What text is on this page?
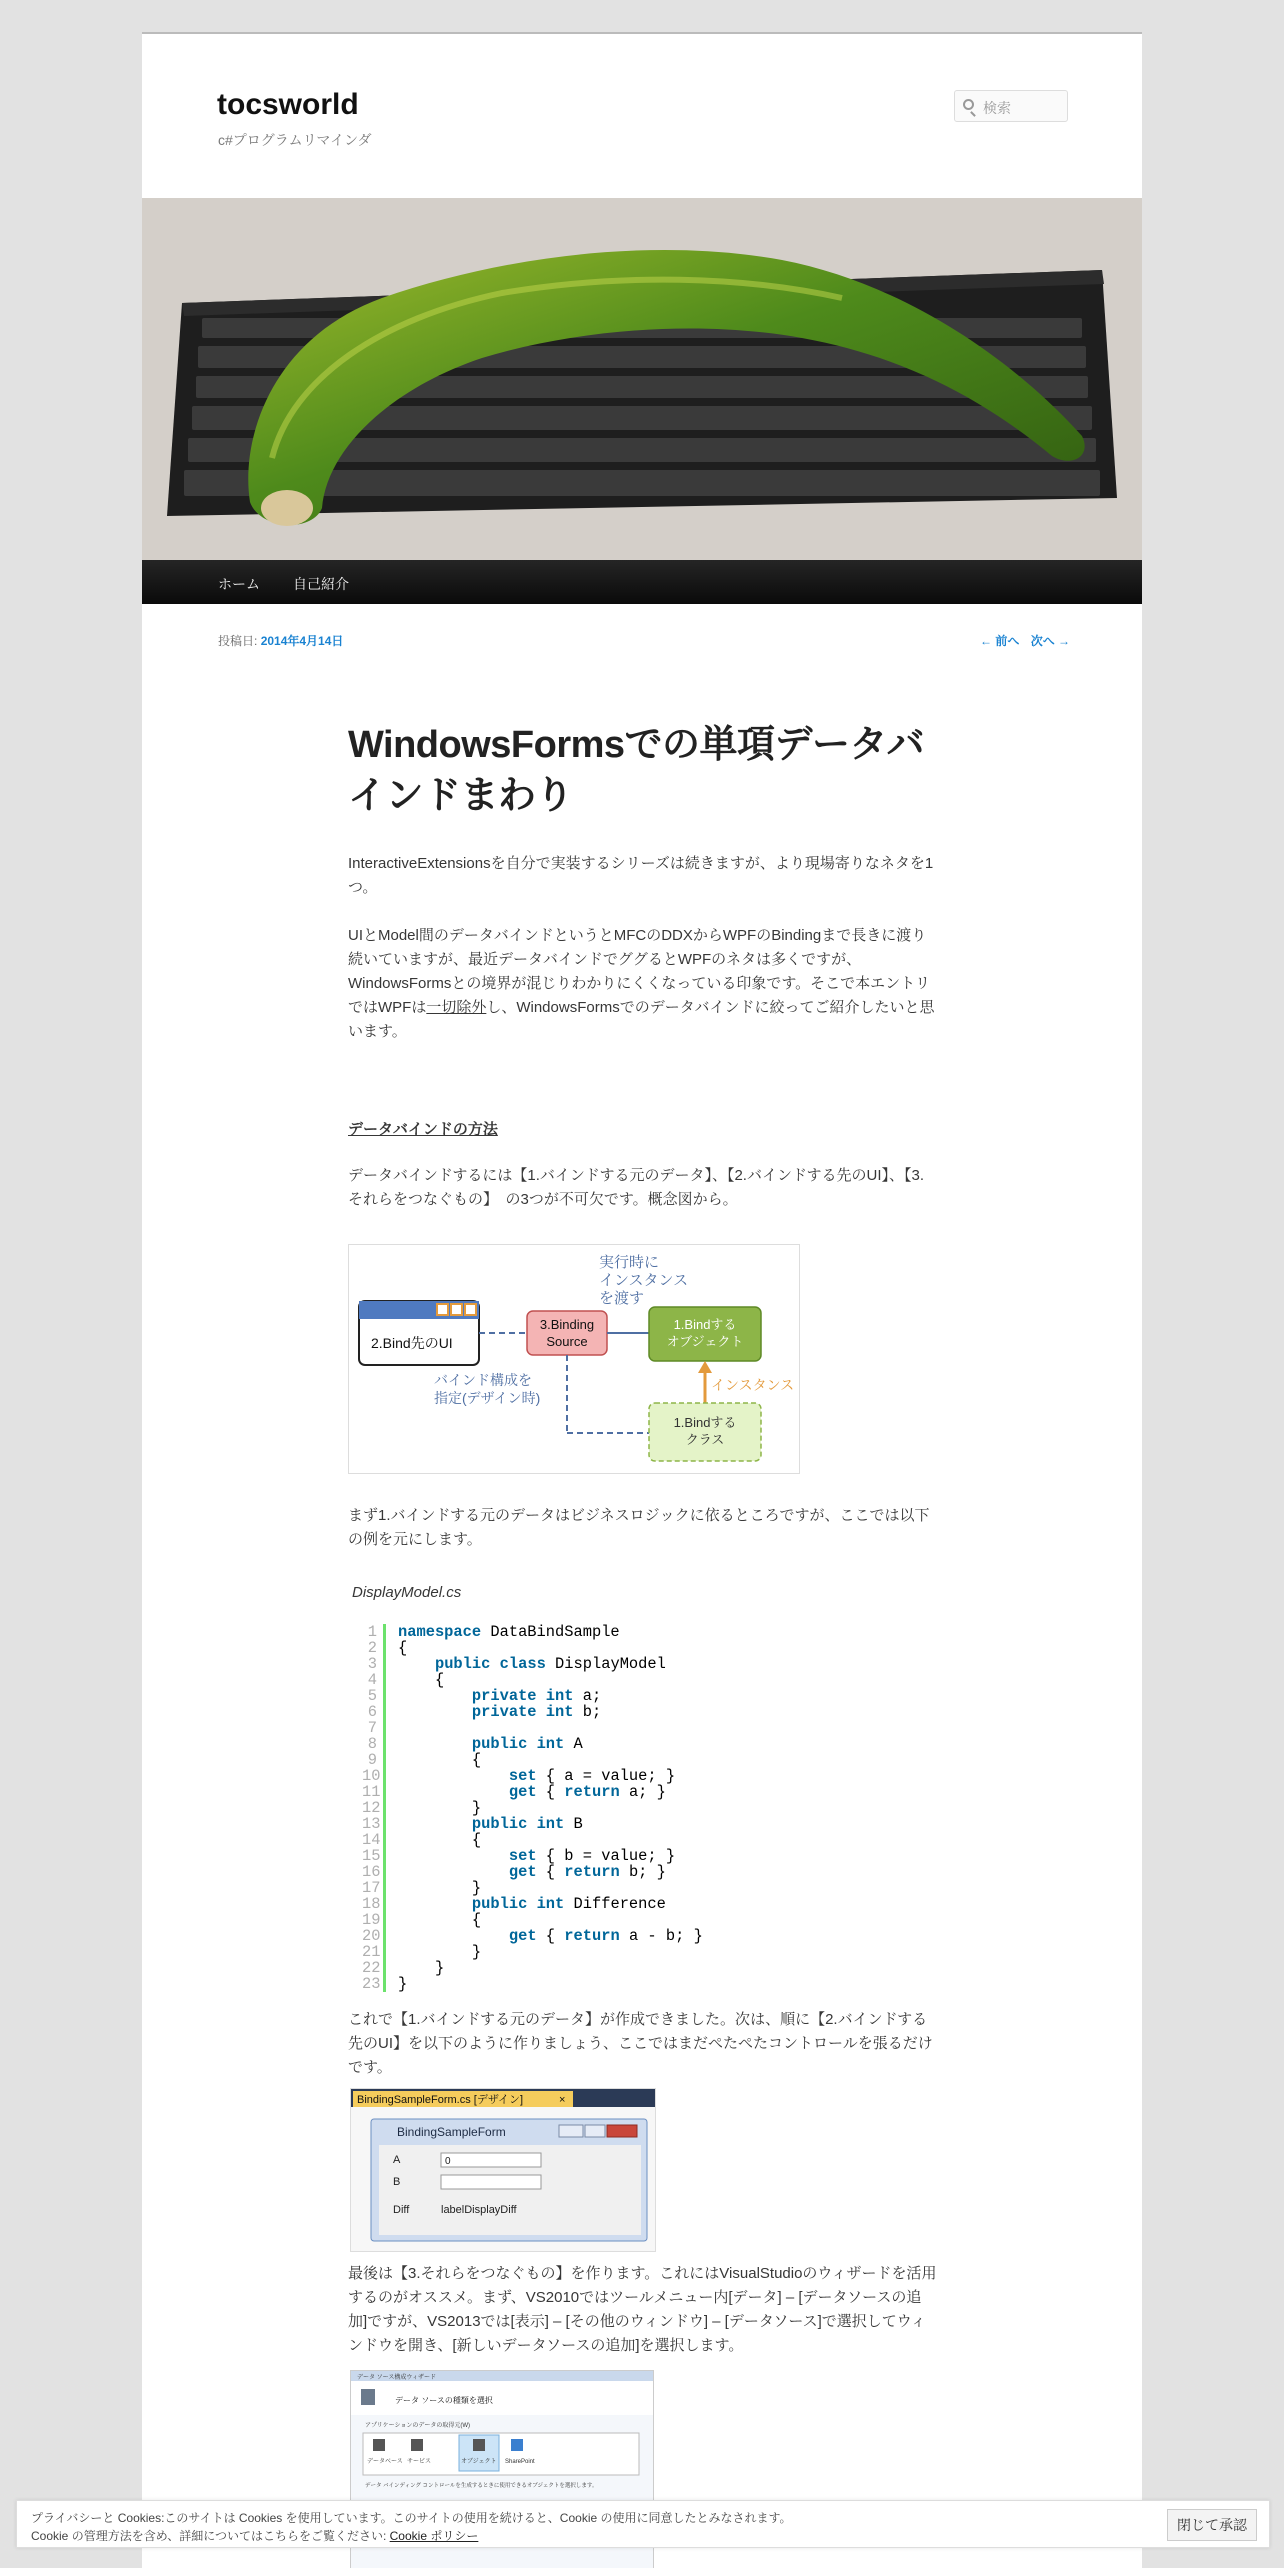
tocsworld
c#プログラムリマインダ
検索
ホーム 自己紹介
投稿日: 2014年4月14日	← 前へ 次へ →
WindowsFormsでの単項データバインドまわり
InteractiveExtensionsを自分で実装するシリーズは続きますが、より現場寄りなネタを1つ。
UIとModel間のデータバインドというとMFCのDDXからWPFのBindingまで長きに渡り続いていますが、最近データバインドでググるとWPFのネタは多くですが、WindowsFormsとの境界が混じりわかりにくくなっている印象です。そこで本エントリではWPFは一切除外し、WindowsFormsでのデータバインドに絞ってご紹介したいと思います。
データバインドの方法
データバインドするには【1.バインドする元のデータ】、【2.バインドする先のUI】、【3.それらをつなぐもの】　の3つが不可欠です。概念図から。
実行時に
インスタンス
を渡す
2.Bind先のUI
3.Binding
Source
1.Bindする
オブジェクト
バインド構成を
指定(デザイン時)
インスタンス
1.Bindする
クラス
まず1.バインドする元のデータはビジネスロジックに依るところですが、ここでは以下の例を元にします。
DisplayModel.cs
1	namespace DataBindSample
2	{
3	public class DisplayModel
4	{
5	private int a;
6	private int b;
7
8	public int A
9	{
10	set { a = value; }
11	get { return a; }
12	}
13	public int B
14	{
15	set { b = value; }
16	get { return b; }
17	}
18	public int Difference
19	{
20	get { return a - b; }
21	}
22	}
23	}
これで【1.バインドする元のデータ】が作成できました。次は、順に【2.バインドする先のUI】を以下のように作りましょう、ここではまだぺたぺたコントロールを張るだけです。
BindingSampleForm.cs [デザイン]	×
BindingSampleForm
A	0
B
Diff	labelDisplayDiff
最後は【3.それらをつなぐもの】を作ります。これにはVisualStudioのウィザードを活用するのがオススメ。まず、VS2010ではツールメニュー内[データ] – [データソースの追加]ですが、VS2013では[表示] – [その他のウィンドウ] – [データソース]で選択してウィンドウを開き、[新しいデータソースの追加]を選択します。
データ ソース構成ウィザード
データ ソースの種類を選択
アプリケーションのデータの取得元(W)
データベース サービス	オブジェクト SharePoint
データ バインディング コントロールを生成するときに使用できるオブジェクトを選択します。
プライバシーと Cookies:このサイトは Cookies を使用しています。このサイトの使用を続けると、Cookie の使用に同意したとみなされます。
Cookie の管理方法を含め、詳細についてはこちらをご覧ください: Cookie ポリシー
閉じて承認
